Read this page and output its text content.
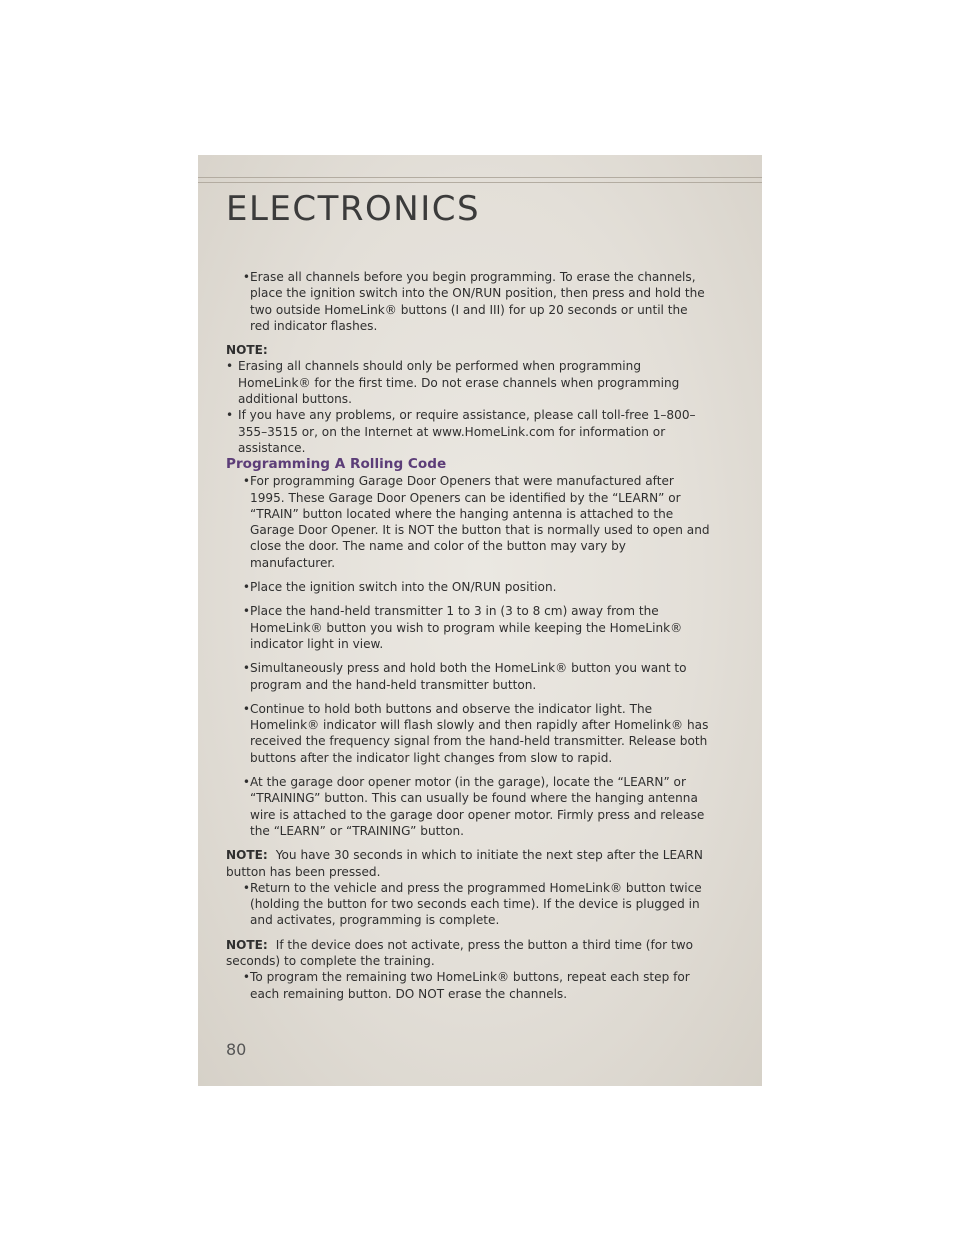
ELECTRONICS
• Erase all channels before you begin programming. To erase the channels, place the ignition switch into the ON/RUN position, then press and hold the two outside HomeLink® buttons (I and III) for up 20 seconds or until the red indicator flashes.

NOTE:

• Erasing all channels should only be performed when programming HomeLink® for the first time. Do not erase channels when programming additional buttons.
• If you have any problems, or require assistance, please call toll-free 1–800–355–3515 or, on the Internet at www.HomeLink.com for information or assistance.

Programming A Rolling Code

• For programming Garage Door Openers that were manufactured after 1995. These Garage Door Openers can be identified by the “LEARN” or “TRAIN” button located where the hanging antenna is attached to the Garage Door Opener. It is NOT the button that is normally used to open and close the door. The name and color of the button may vary by manufacturer.
• Place the ignition switch into the ON/RUN position.
• Place the hand-held transmitter 1 to 3 in (3 to 8 cm) away from the HomeLink® button you wish to program while keeping the HomeLink® indicator light in view.
• Simultaneously press and hold both the HomeLink® button you want to program and the hand-held transmitter button.
• Continue to hold both buttons and observe the indicator light. The Homelink® indicator will flash slowly and then rapidly after Homelink® has received the frequency signal from the hand-held transmitter. Release both buttons after the indicator light changes from slow to rapid.
• At the garage door opener motor (in the garage), locate the “LEARN” or “TRAINING” button. This can usually be found where the hanging antenna wire is attached to the garage door opener motor. Firmly press and release the “LEARN” or “TRAINING” button.

NOTE: You have 30 seconds in which to initiate the next step after the LEARN button has been pressed.

• Return to the vehicle and press the programmed HomeLink® button twice (holding the button for two seconds each time). If the device is plugged in and activates, programming is complete.

NOTE: If the device does not activate, press the button a third time (for two seconds) to complete the training.

• To program the remaining two HomeLink® buttons, repeat each step for each remaining button. DO NOT erase the channels.
80
